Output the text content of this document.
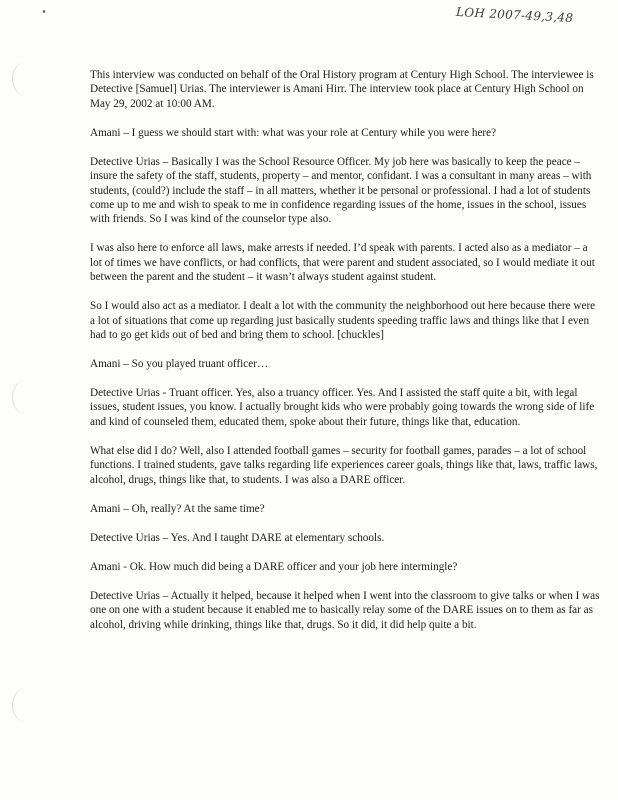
LOH 2007-49,3,48

This interview was conducted on behalf of the Oral History program at Century High School. The interviewee is Detective [Samuel] Urias. The interviewer is Amani Hirr. The interview took place at Century High School on May 29, 2002 at 10:00 AM.

Amani – I guess we should start with: what was your role at Century while you were here?

Detective Urias – Basically I was the School Resource Officer. My job here was basically to keep the peace – insure the safety of the staff, students, property – and mentor, confidant. I was a consultant in many areas – with students, (could?) include the staff – in all matters, whether it be personal or professional. I had a lot of students come up to me and wish to speak to me in confidence regarding issues of the home, issues in the school, issues with friends. So I was kind of the counselor type also.

I was also here to enforce all laws, make arrests if needed. I’d speak with parents. I acted also as a mediator – a lot of times we have conflicts, or had conflicts, that were parent and student associated, so I would mediate it out between the parent and the student – it wasn’t always student against student.

So I would also act as a mediator. I dealt a lot with the community the neighborhood out here because there were a lot of situations that come up regarding just basically students speeding traffic laws and things like that I even had to go get kids out of bed and bring them to school. [chuckles]

Amani – So you played truant officer…

Detective Urias - Truant officer. Yes, also a truancy officer. Yes. And I assisted the staff quite a bit, with legal issues, student issues, you know. I actually brought kids who were probably going towards the wrong side of life and kind of counseled them, educated them, spoke about their future, things like that, education.

What else did I do? Well, also I attended football games – security for football games, parades – a lot of school functions. I trained students, gave talks regarding life experiences career goals, things like that, laws, traffic laws, alcohol, drugs, things like that, to students. I was also a DARE officer.

Amani – Oh, really? At the same time?

Detective Urias – Yes. And I taught DARE at elementary schools.

Amani - Ok. How much did being a DARE officer and your job here intermingle?

Detective Urias – Actually it helped, because it helped when I went into the classroom to give talks or when I was one on one with a student because it enabled me to basically relay some of the DARE issues on to them as far as alcohol, driving while drinking, things like that, drugs. So it did, it did help quite a bit.
